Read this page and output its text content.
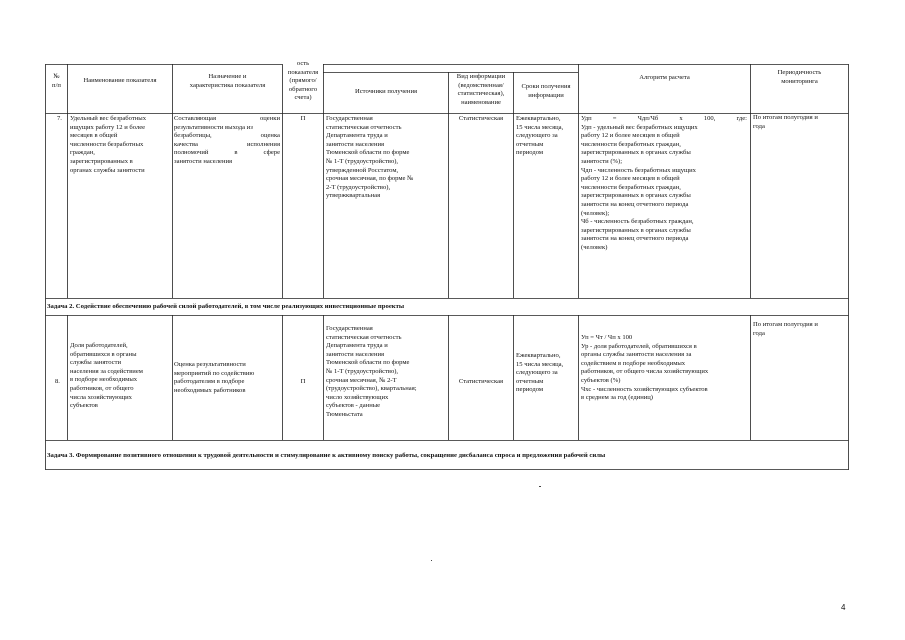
№
п/п
Наименование показателя
Назначение и
характеристика показателя
ость
показателя
(прямого/
обратного
счета)
Источники получения
Вид информации
(ведомственная/
статистическая),
наименование
Сроки получения
информации
Алгоритм расчета
Периодичность
мониторинга
7. Удельный вес безработных
ищущих работу 12 и более
месяцев в общей
численности безработных
граждан,
зарегистрированных в
органах службы занятости
Составляющая оценки
результативности выхода из
безработицы, оценка
качества исполнения
полномочий в сфере
занятости населения
П	Государственная
статистическая отчетность
Департамента труда и
занятости населения
Тюменской области по форме
№ 1-Т (трудоустройство),
утвержденной Росстатом,
срочная месячная, по форме №
2-Т (трудоустройство),
утвержквартальная
Статистическая	Ежеквартально,
15 числа месяца,
следующего за
отчетным
периодом
Удп = Чдп/Чб х 100, где:
Удп - удельный вес безработных ищущих
работу 12 и более месяцев в общей
численности безработных граждан,
зарегистрированных в органах службы
занятости (%);
Чдп - численность безработных ищущих
работу 12 и более месяцев в общей
численности безработных граждан,
зарегистрированных в органах службы
занятости на конец отчетного периода
(человек);
Чб - численность безработных граждан,
зарегистрированных в органах службы
занятости на конец отчетного периода
(человек)
По итогам полугодия и
года
Задача 2. Содействие обеспечению рабочей силой работодателей, в том числе реализующих инвестиционные проекты
8.
Доля работодателей,
обратившихся в органы
службы занятости
населения за содействием
в подборе необходимых
работников, от общего
числа хозяйствующих
субъектов
Оценка результативности
мероприятий по содействию
работодателям в подборе
необходимых работников
П
Государственная
статистическая отчетность
Департамента труда и
занятости населения
Тюменской области по форме
№ 1-Т (трудоустройство),
срочная месячная, № 2-Т
(трудоустройство), квартальная;
число хозяйствующих
субъектов - данные
Тюменьстата
Статистическая
Ежеквартально,
15 числа месяца,
следующего за
отчетным
периодом
Уп = Чт / Чп х 100
Ур - доля работодателей, обратившихся в
органы службы занятости населения за
содействием в подборе необходимых
работников, от общего числа хозяйствующих
субъектов (%)
Чхс - численность хозяйствующих субъектов
в среднем за год (единиц)
По итогам полугодия и
года
Задача 3. Формирование позитивного отношения к трудовой деятельности и стимулирование к активному поиску работы, сокращение дисбаланса спроса и предложения рабочей силы
4
